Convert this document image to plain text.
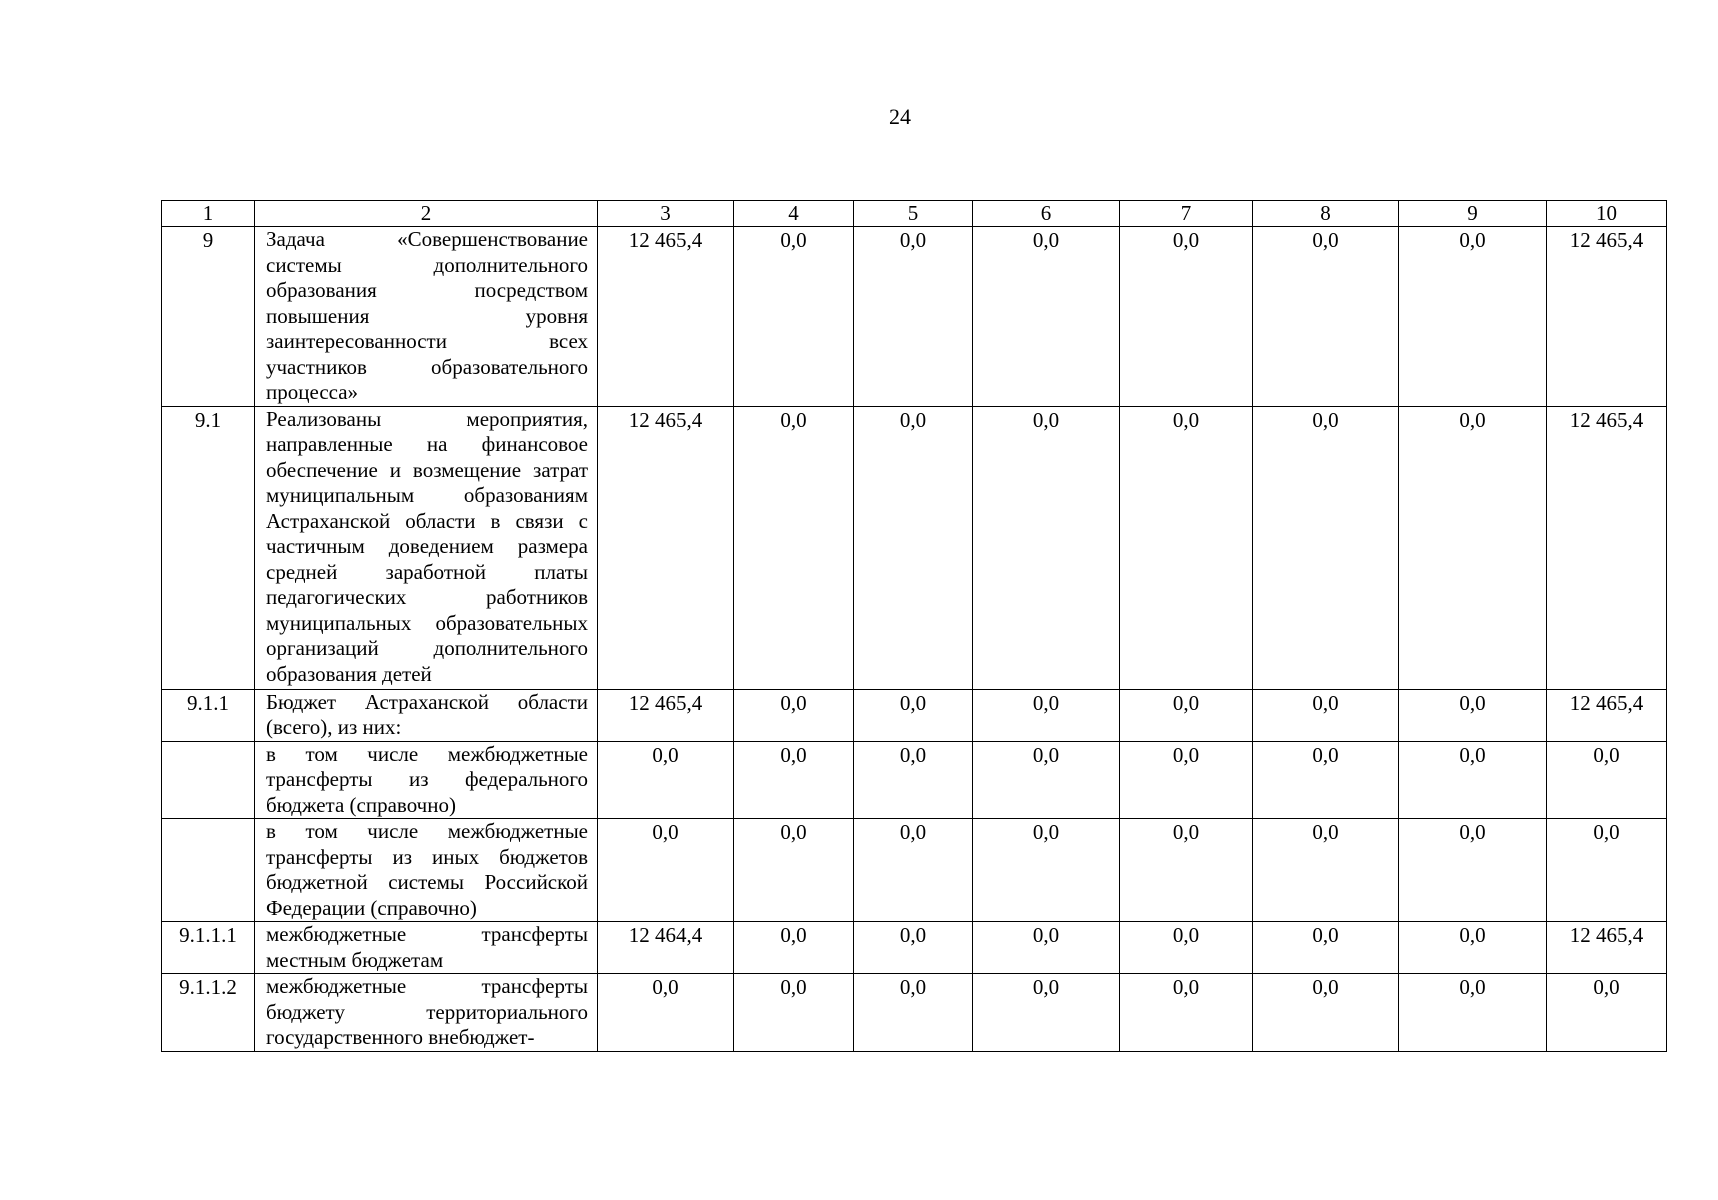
24
1	2	3	4	5	6	7	8	9	10
9	Задача «Совершенствование системы дополнительного образования посредством повышения уровня заинтересованности всех участников образовательного процесса»	12 465,4	0,0	0,0	0,0	0,0	0,0	0,0	12 465,4
9.1	Реализованы мероприятия, направленные на финансовое обеспечение и возмещение затрат муниципальным образованиям Астраханской области в связи с частичным доведением размера средней заработной платы педагогических работников муниципальных образовательных организаций дополнительного образования детей	12 465,4	0,0	0,0	0,0	0,0	0,0	0,0	12 465,4
9.1.1	Бюджет Астраханской области (всего), из них:	12 465,4	0,0	0,0	0,0	0,0	0,0	0,0	12 465,4
	в том числе межбюджетные трансферты из федерального бюджета (справочно)	0,0	0,0	0,0	0,0	0,0	0,0	0,0	0,0
	в том числе межбюджетные трансферты из иных бюджетов бюджетной системы Российской Федерации (справочно)	0,0	0,0	0,0	0,0	0,0	0,0	0,0	0,0
9.1.1.1	межбюджетные трансферты местным бюджетам	12 464,4	0,0	0,0	0,0	0,0	0,0	0,0	12 465,4
9.1.1.2	межбюджетные трансферты бюджету территориального государственного внебюджет-	0,0	0,0	0,0	0,0	0,0	0,0	0,0	0,0
